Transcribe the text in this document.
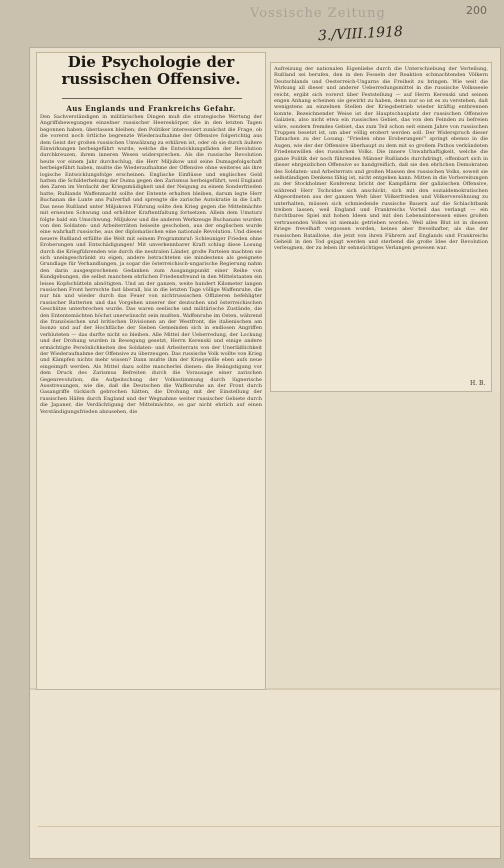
Vossische Zeitung
3./VIII.1918
200
Die Psychologie der russischen Offensive.
Aus Englands und Frankreichs Gefahr.
Den Sachverständigen in militärischen Dingen muß die strategische Wertung der Angriffsbewegungen einzelner russischer Heereskörper, die in den letzten Tagen begonnen haben, überlassen bleiben; den Politiker interessiert zunächst die Frage, ob die vorerst noch örtliche begrenzte Wiederaufnahme der Offensive folgerichtig aus dem Geist der großen russischen Umwälzung zu erklären ist, oder ob sie durch äußere Einwirkungen herbeigeführt wurde, welche die Entwicklungsfäden der Revolution durchkreuzen, ihrem inneren Wesen widersprechen. Als die russische Revolution heute vor einem Jahr durchschlug, die Herr Miljukow und seine Dumagefolgschaft herbeigeführt haben, mußte die Wiederaufnahme der Offensive ohne weiteres als ihre logische Entwicklungsfolge erscheinen. Englische Einflüsse und englisches Geld hatten die Schilderhebung der Duma gegen den Zarismus herbeigeführt, weil England den Zaren im Verdacht der Kriegsmüdigkeit und der Neigung zu einem Sonderfrieden hatte; Rußlands Waffenmacht sollte der Entente erhalten bleiben, darum legte Herr Buchanan die Lunte ans Pulverfaß und sprengte die zarische Autokratie in die Luft. Das neue Rußland unter Miljukows Führung sollte den Krieg gegen die Mittelmächte mit erneuten Schwung und erhöhter Kraftentfaltung fortsetzen. Allein dem Umsturz folgte bald ein Umschwung. Miljukow und die anderen Werkzeuge Buchanans wurden von den Soldaten- und Arbeiterräten beiseite geschoben, aus der englischen wurde eine wahrhaft russische, aus der diplomatischen eine nationale Revolution. Und dieses neuere Rußland erfüllte die Welt mit seinem Programmruf: Schleuniger Frieden ohne Eroberungen und Entschädigungen! Mit unverkennbarer Kraft schlug diese Losung durch die Kriegführenden wie durch die neutralen Länder, große Parteien machten sie sich uneingeschränkt zu eigen, andere betrachteten sie mindestens als geeignete Grundlage für Verhandlungen, ja sogar die österreichisch-ungarische Regierung nahm den darin ausgesprochenen Gedanken zum Ausgangspunkt einer Reihe von Kundgebungen, die selbst manchem ehrlichen Friedensfreund in den Mittelstaaten ein leises Kopfschütteln abnötigten. Und an der ganzen, weite hundert Kilometer langen russischen Front herrschte fast überall, bis in die letzten Tage völlige Waffenruhe, die nur hin und wieder durch das Feuer von nichtrussischen Offizieren befehligter russischer Batterien und das Vorgehen unserer der deutschen und österreichischen Geschütze unterbrochen wurde. Das waren seelische und militärische Zustände, die den Ententemächten höchst unerwünscht sein mußten. Waffenruhe im Osten, während die französischen und britischen Divisionen an der Westfront, die italienischen am Isonzo und auf der Hochfläche der Sieben Gemeinden sich in endlosen Angriffen verbluteten — das durfte nicht so bleiben. Alle Mittel der Ueberredung, der Lockung und der Drohung wurden in Bewegung gesetzt, Herrn Kerenski und einige andere ermächtigte Persönlichkeiten des Soldaten- und Arbeiterrats von der Unerläßlichkeit der Wiederaufnahme der Offensive zu überzeugen. Das russische Volk wollte von Krieg und Kämpfen nichts mehr wissen? Dann mußte ihm der Kriegswille eben aufs neue eingeimpft werden. Als Mittel dazu sollte mancherlei dienen: die Beängstigung vor dem Druck des Zarismus Befreiten durch die Vorausage einer zarischen Gegenrevolution, die Aufpeitschung der Volksstimmung durch lügnerische Ausstreuungen, wie die, daß die Deutschen die Waffenruhe an der Front durch Gasangriffe tückisch gebrochen hätten, die Drohung mit der Einstellung der russischen Häfen durch England und der Wegnahme weiter russischer Gebiete durch die Japaner, die Verdächtigung der Mittelmächte, es gar nicht ehrlich auf einen Verständigungsfrieden abzusehen, die
Aufreizung der nationalen Eigenliebe durch die Unterschiebung der Verteilung, Rußland sei berufen, den in den Fesseln der Reaktion schmachtenden Völkern Deutschlands und Oesterreich-Ungarns die Freiheit zu bringen. Wie weit die Wirkung all dieser und anderer Ueberredungsmittel in die russische Volksseele reicht, ergibt sich vorerst über Feststellung — auf Herrn Kerenski und seinen engen Anhang scheinen sie gewirkt zu haben, denn nur so ist es zu verstehen, daß wenigstens an einzelnen Stellen der Kriegsbetrieb wieder kräftig entbrennen konnte. Bezeichnender Weise ist der Hauptschauplatz der russischen Offensive Galizien, also nicht etwa ein russisches Gebiet, das von den Feinden zu befreien wäre, sondern fremdes Gebiet, das zum Teil schon seit einem Jahre von russischen Truppen besetzt ist, um aber völlig erobert werden soll. Der Widerspruch dieser Tatsachen zu der Losung: "Frieden ohne Eroberungen!" springt ebenso in die Augen, wie der der Offensive überhaupt zu dem mit so großem Pathos verkündeten Friedenswillen des russischen Volks. Die innere Unwahrhaftigkeit, welche die ganze Politik der noch führenden Männer Rußlands durchdringt, offenbart sich in dieser ehrgeizlichen Offensive so handgreiflich, daß sie den ehrlichen Demokraten des Soldaten- und Arbeiterrats und großen Massen des russischen Volks, soweit sie selbständigen Denkens fähig ist, nicht entgehen kann. Mitten in die Vorbereitungen zu der Stockholmer Konferenz bricht der Kampflärm der galizischen Offensive, während Herr Tschcidse sich anschickt, sich mit den sozialdemokratischen Abgeordneten aus der ganzen Welt über Völkerfrieden und Völkerversöhnung zu unterhalten, müssen sich schmiedende russische Bauern auf die Schlachtbank treiben lassen, weil England und Frankreichs Vorteil das verlangt — ein furchtbares Spiel mit hohen Ideen und mit den Lebensinteressen eines großen vertrauenden Volkes ist niemals getrieben worden. Weil alles Blut ist in diesem Kriege frevelhaft vergossen worden, keines aber frevelhafter, als das der russischen Bataillone, die jetzt von ihren Führern auf Englands und Frankreichs Geheiß in den Tod gejagt werden und sterbend die große Idee der Revolution verleugnen, der zu leben ihr sehnsüchtiges Verlangen gewesen war.
H. B.
